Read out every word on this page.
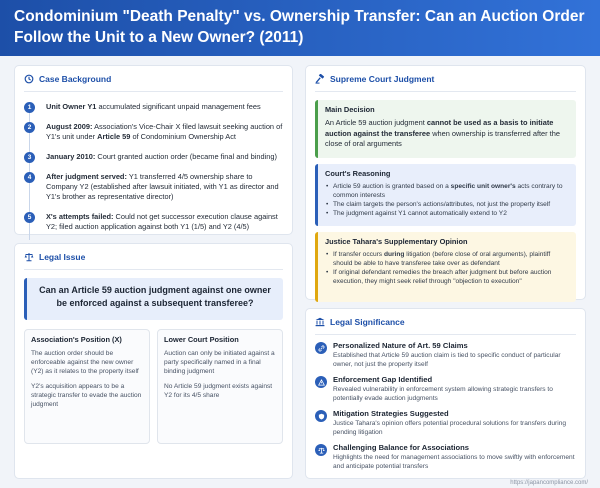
Condominium "Death Penalty" vs. Ownership Transfer: Can an Auction Order Follow the Unit to a New Owner? (2011)
Case Background
1	Unit Owner Y1 accumulated significant unpaid management fees
2	August 2009: Association's Vice-Chair X filed lawsuit seeking auction of Y1's unit under Article 59 of Condominium Ownership Act
3	January 2010: Court granted auction order (became final and binding)
4	After judgment served: Y1 transferred 4/5 ownership share to Company Y2 (established after lawsuit initiated, with Y1 as director and Y1's brother as representative director)
5	X's attempts failed: Could not get successor execution clause against Y2; filed auction application against both Y1 (1/5) and Y2 (4/5)
Legal Issue
Can an Article 59 auction judgment against one owner be enforced against a subsequent transferee?
Association's Position (X)

The auction order should be enforceable against the new owner (Y2) as it relates to the property itself

Y2's acquisition appears to be a strategic transfer to evade the auction judgment

Lower Court Position

Auction can only be initiated against a party specifically named in a final binding judgment

No Article 59 judgment exists against Y2 for its 4/5 share

Supreme Court Judgment
Main Decision

An Article 59 auction judgment cannot be used as a basis to initiate auction against the transferee when ownership is transferred after the close of oral arguments

Court's Reasoning
• Article 59 auction is granted based on a specific unit owner's acts contrary to common interests
• The claim targets the person's actions/attributes, not just the property itself
• The judgment against Y1 cannot automatically extend to Y2
Justice Tahara's Supplementary Opinion
• If transfer occurs during litigation (before close of oral arguments), plaintiff should be able to have transferee take over as defendant
• If original defendant remedies the breach after judgment but before auction execution, they might seek relief through "objection to execution"
Legal Significance
Personalized Nature of Art. 59 Claims

Established that Article 59 auction claim is tied to specific conduct of particular owner, not just the property itself

Enforcement Gap Identified

Revealed vulnerability in enforcement system allowing strategic transfers to potentially evade auction judgments

Mitigation Strategies Suggested

Justice Tahara's opinion offers potential procedural solutions for transfers during pending litigation

Challenging Balance for Associations

Highlights the need for management associations to move swiftly with enforcement and anticipate potential transfers

https://japancompliance.com/
